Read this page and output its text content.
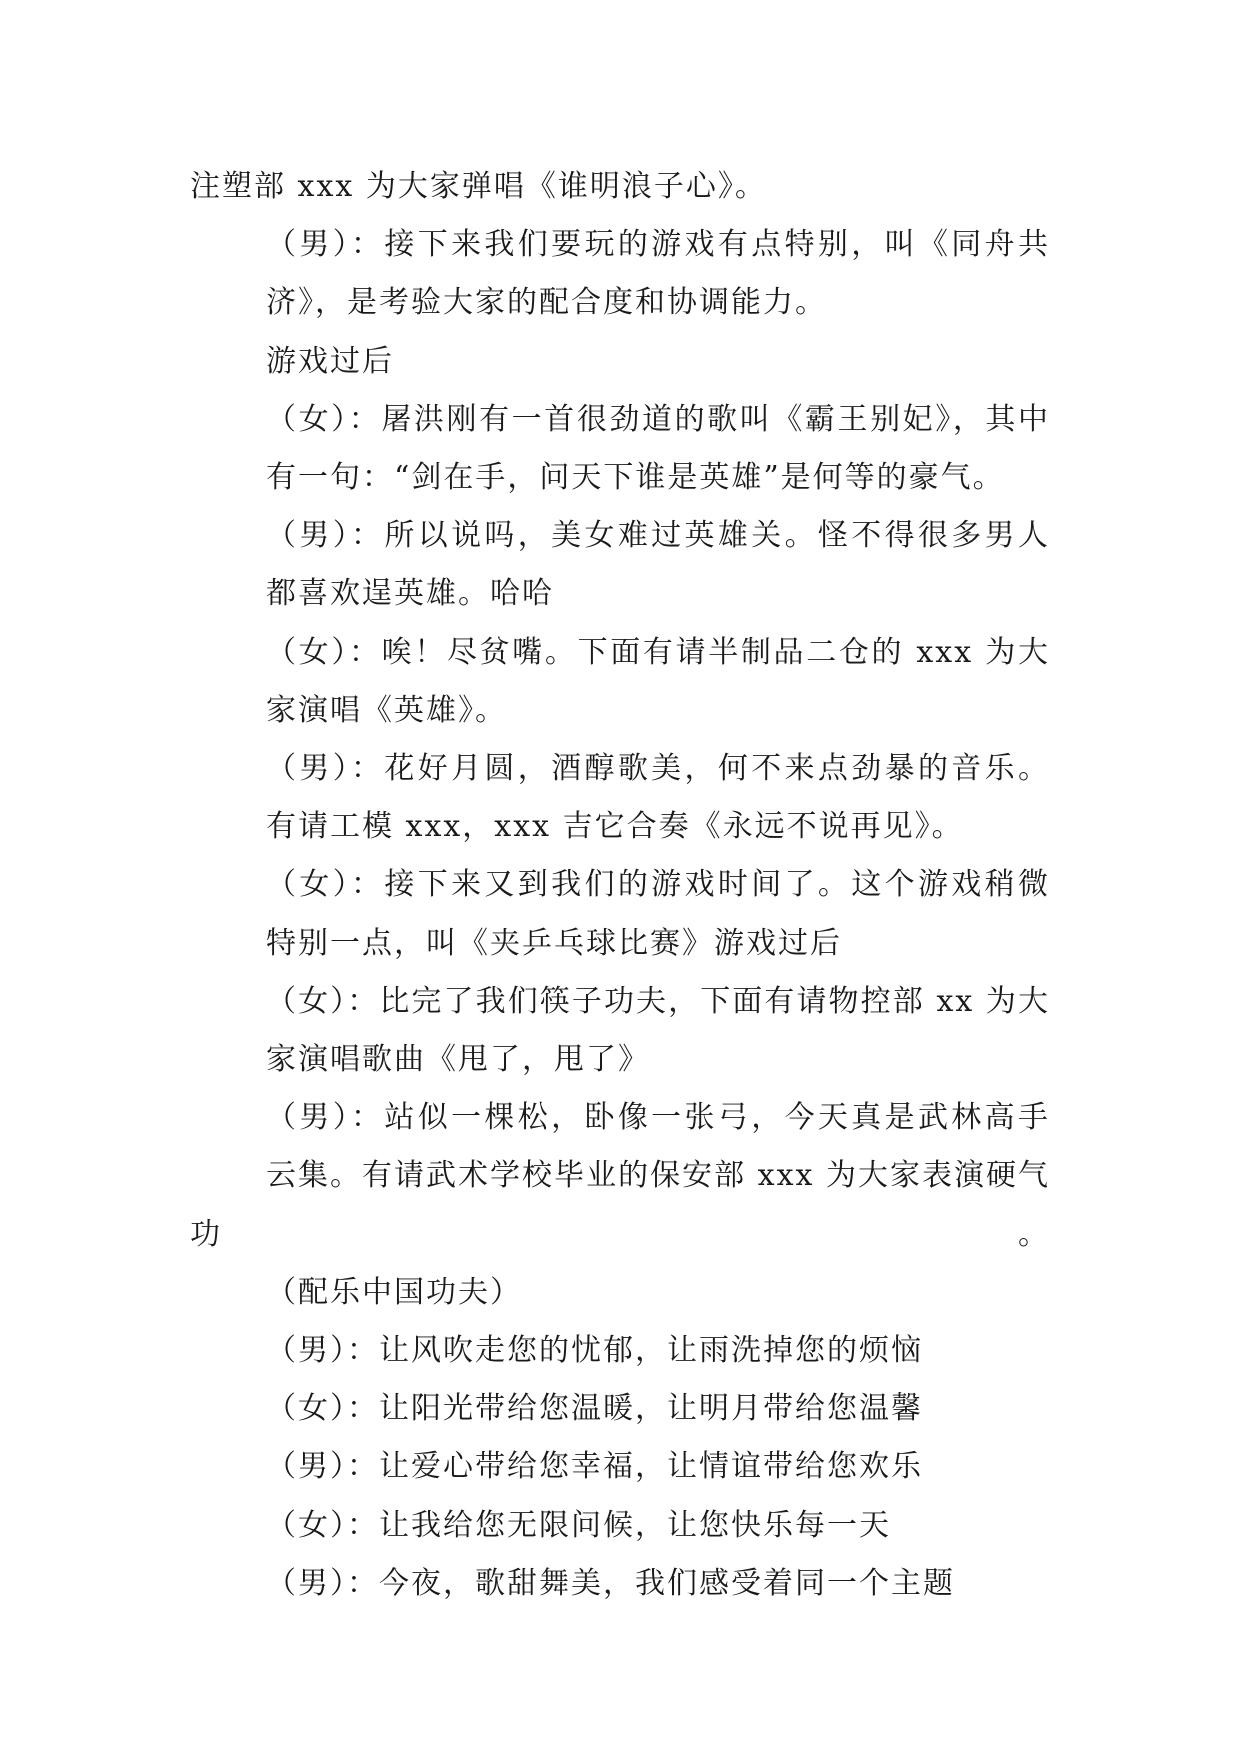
注塑部 xxx 为大家弹唱《谁明浪子心》。
（男）：接下来我们要玩的游戏有点特别，叫《同舟共
济》，是考验大家的配合度和协调能力。
游戏过后
（女）：屠洪刚有一首很劲道的歌叫《霸王别妃》，其中
有一句：“剑在手，问天下谁是英雄”是何等的豪气。
（男）：所以说吗，美女难过英雄关。怪不得很多男人
都喜欢逞英雄。哈哈
（女）：唉！尽贫嘴。下面有请半制品二仓的 xxx 为大
家演唱《英雄》。
（男）：花好月圆，酒醇歌美，何不来点劲暴的音乐。
有请工模 xxx，xxx 吉它合奏《永远不说再见》。
（女）：接下来又到我们的游戏时间了。这个游戏稍微
特别一点，叫《夹乒乓球比赛》游戏过后
（女）：比完了我们筷子功夫，下面有请物控部 xx 为大
家演唱歌曲《甩了，甩了》
（男）：站似一棵松，卧像一张弓，今天真是武林高手
云集。有请武术学校毕业的保安部 xxx 为大家表演硬气功。
（配乐中国功夫）
（男）：让风吹走您的忧郁，让雨洗掉您的烦恼
（女）：让阳光带给您温暖，让明月带给您温馨
（男）：让爱心带给您幸福，让情谊带给您欢乐
（女）：让我给您无限问候，让您快乐每一天
（男）：今夜，歌甜舞美，我们感受着同一个主题
